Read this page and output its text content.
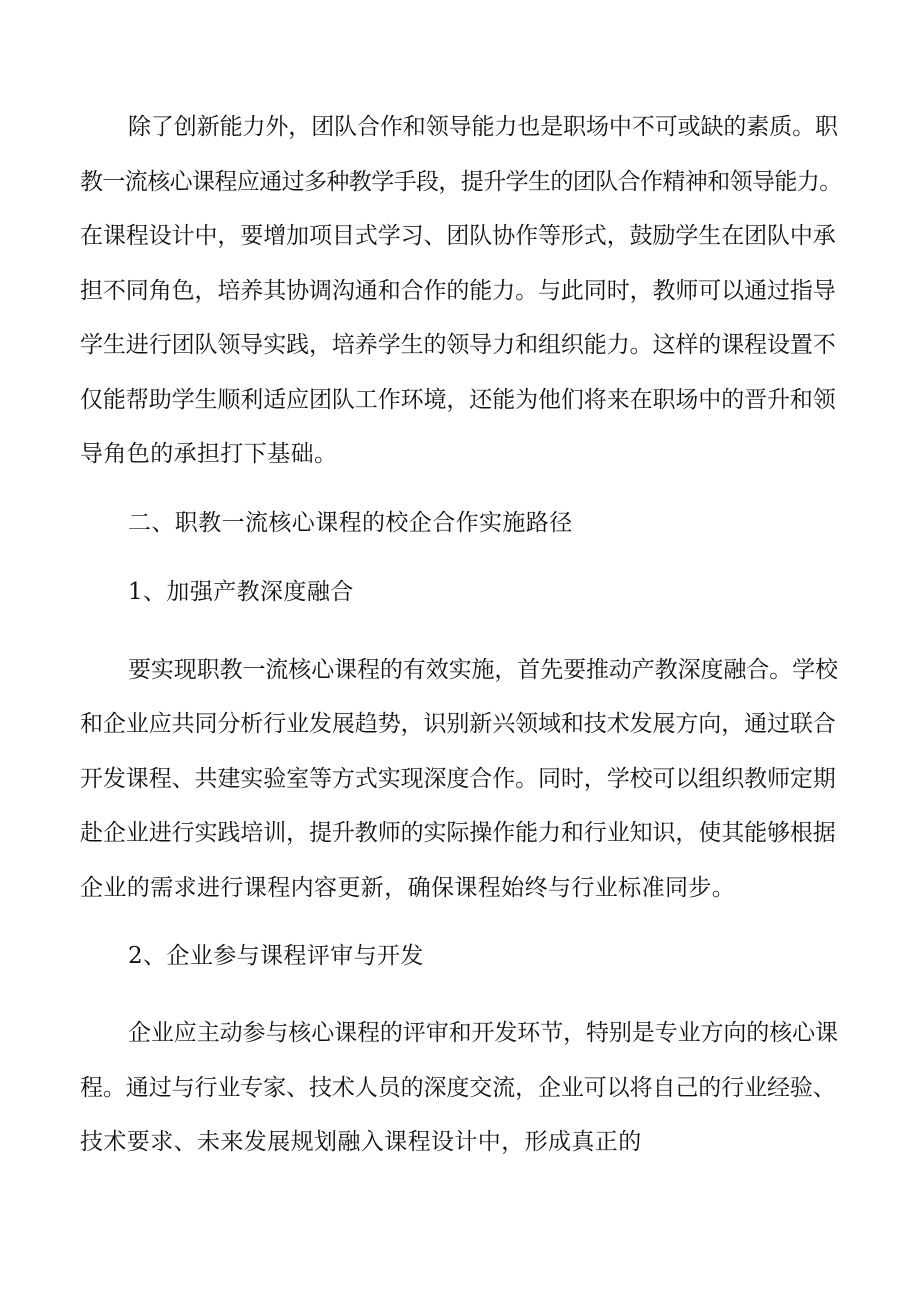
除了创新能力外，团队合作和领导能力也是职场中不可或缺的素质。职
教一流核心课程应通过多种教学手段，提升学生的团队合作精神和领导能力。
在课程设计中，要增加项目式学习、团队协作等形式，鼓励学生在团队中承
担不同角色，培养其协调沟通和合作的能力。与此同时，教师可以通过指导
学生进行团队领导实践，培养学生的领导力和组织能力。这样的课程设置不
仅能帮助学生顺利适应团队工作环境，还能为他们将来在职场中的晋升和领
导角色的承担打下基础。
二、职教一流核心课程的校企合作实施路径
1、加强产教深度融合
要实现职教一流核心课程的有效实施，首先要推动产教深度融合。学校
和企业应共同分析行业发展趋势，识别新兴领域和技术发展方向，通过联合
开发课程、共建实验室等方式实现深度合作。同时，学校可以组织教师定期
赴企业进行实践培训，提升教师的实际操作能力和行业知识，使其能够根据
企业的需求进行课程内容更新，确保课程始终与行业标准同步。
2、企业参与课程评审与开发
企业应主动参与核心课程的评审和开发环节，特别是专业方向的核心课
程。通过与行业专家、技术人员的深度交流，企业可以将自己的行业经验、
技术要求、未来发展规划融入课程设计中，形成真正的
